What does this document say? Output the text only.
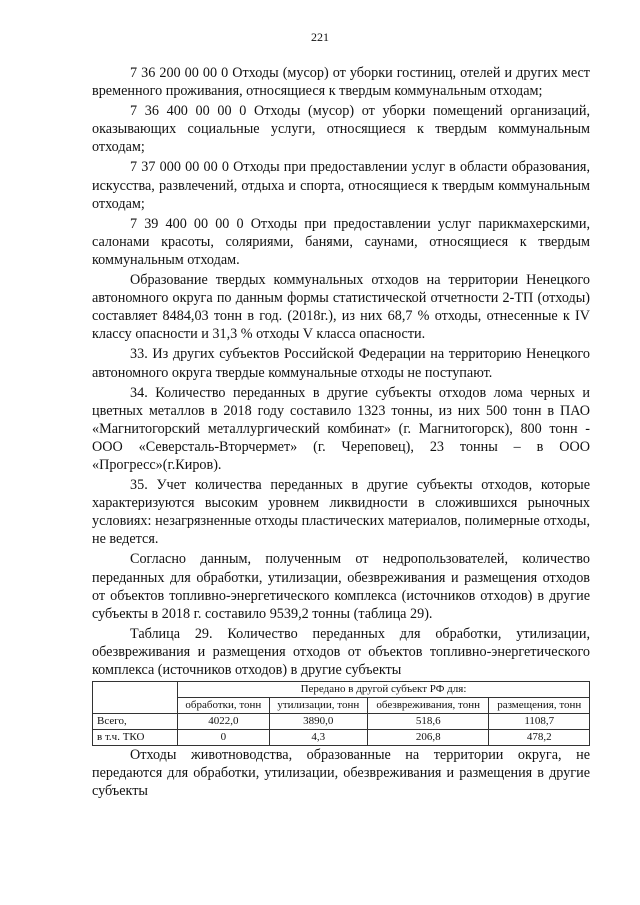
221

7 36 200 00 00 0 Отходы (мусор) от уборки гостиниц, отелей и других мест временного проживания, относящиеся к твердым коммунальным отходам;

7 36 400 00 00 0 Отходы (мусор) от уборки помещений организаций, оказывающих социальные услуги, относящиеся к твердым коммунальным отходам;

7 37 000 00 00 0 Отходы при предоставлении услуг в области образования, искусства, развлечений, отдыха и спорта, относящиеся к твердым коммунальным отходам;

7 39 400 00 00 0 Отходы при предоставлении услуг парикмахерскими, салонами красоты, соляриями, банями, саунами, относящиеся к твердым коммунальным отходам.

Образование твердых коммунальных отходов на территории Ненецкого автономного округа по данным формы статистической отчетности 2-ТП (отходы) составляет 8484,03 тонн в год. (2018г.), из них 68,7 % отходы, отнесенные к IV классу опасности и 31,3 % отходы V класса опасности.

33. Из других субъектов Российской Федерации на территорию Ненецкого автономного округа твердые коммунальные отходы не поступают.

34. Количество переданных в другие субъекты отходов лома черных и цветных металлов в 2018 году составило 1323 тонны, из них 500 тонн в ПАО «Магнитогорский металлургический комбинат» (г. Магнитогорск), 800 тонн - ООО «Северсталь-Вторчермет» (г. Череповец), 23 тонны – в ООО «Прогресс»(г.Киров).

35. Учет количества переданных в другие субъекты отходов, которые характеризуются высоким уровнем ликвидности в сложившихся рыночных условиях: незагрязненные отходы пластических материалов, полимерные отходы, не ведется.

Согласно данным, полученным от недропользователей, количество переданных для обработки, утилизации, обезвреживания и размещения отходов от объектов топливно-энергетического комплекса (источников отходов) в другие субъекты в 2018 г. составило 9539,2 тонны (таблица 29).

Таблица 29. Количество переданных для обработки, утилизации, обезвреживания и размещения отходов от объектов топливно-энергетического комплекса (источников отходов) в другие субъекты

	Передано в другой субъект РФ для:			
	обработки, тонн	утилизации, тонн	обезвреживания, тонн	размещения, тонн
Всего,	4022,0	3890,0	518,6	1108,7
в т.ч. ТКО	0	4,3	206,8	478,2

Отходы животноводства, образованные на территории округа, не передаются для обработки, утилизации, обезвреживания и размещения в другие субъекты
